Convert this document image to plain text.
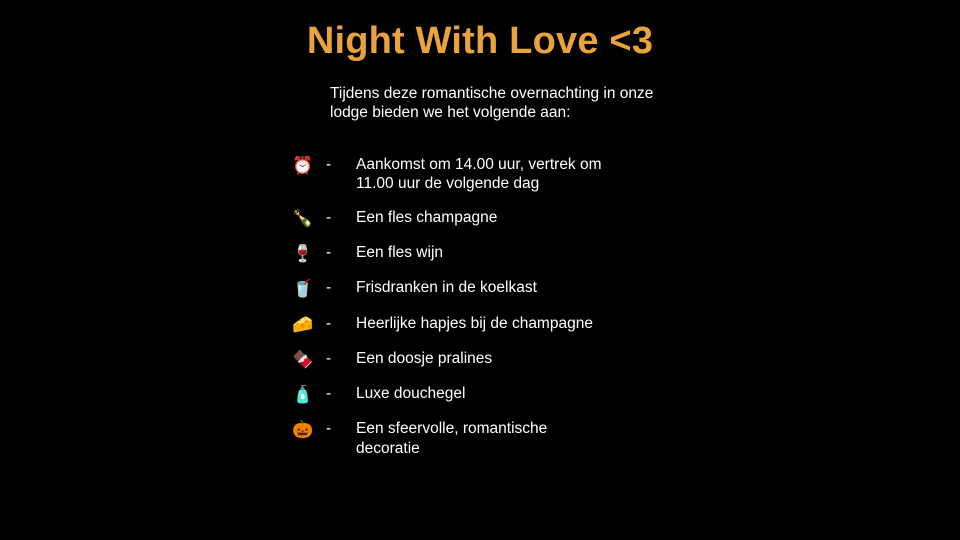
Night With Love <3
Tijdens deze romantische overnachting in onze lodge bieden we het volgende aan:
⏰ -	Aankomst om 14.00 uur, vertrek om 11.00 uur de volgende dag
🍾 -	Een fles champagne
🍷 -	Een fles wijn
🥤 -	Frisdranken in de koelkast
🧀 -	Heerlijke hapjes bij de champagne
🍫 -	Een doosje pralines
🧴 -	Luxe douchegel
🎃 -	Een sfeervolle, romantische decoratie
